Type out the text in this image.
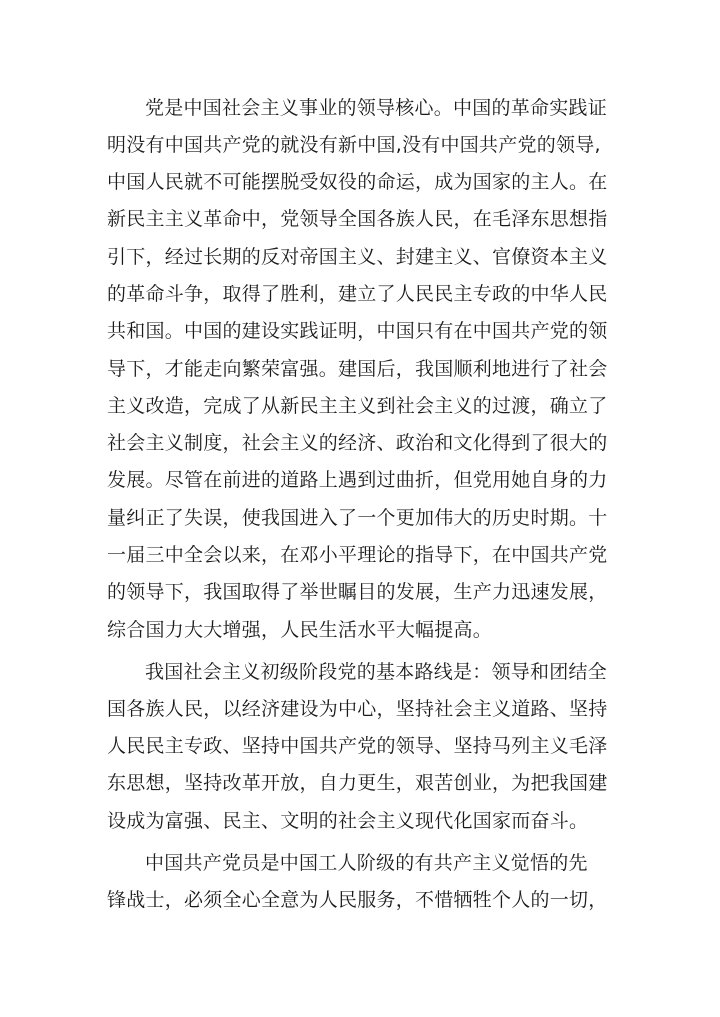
党是中国社会主义事业的领导核心。中国的革命实践证
明没有中国共产党的就没有新中国,没有中国共产党的领导,
中国人民就不可能摆脱受奴役的命运，成为国家的主人。在
新民主主义革命中，党领导全国各族人民，在毛泽东思想指
引下，经过长期的反对帝国主义、封建主义、官僚资本主义
的革命斗争，取得了胜利，建立了人民民主专政的中华人民
共和国。中国的建设实践证明，中国只有在中国共产党的领
导下，才能走向繁荣富强。建国后，我国顺利地进行了社会
主义改造，完成了从新民主主义到社会主义的过渡，确立了
社会主义制度，社会主义的经济、政治和文化得到了很大的
发展。尽管在前进的道路上遇到过曲折，但党用她自身的力
量纠正了失误，使我国进入了一个更加伟大的历史时期。十
一届三中全会以来，在邓小平理论的指导下，在中国共产党
的领导下，我国取得了举世瞩目的发展，生产力迅速发展，
综合国力大大增强，人民生活水平大幅提高。
我国社会主义初级阶段党的基本路线是：领导和团结全
国各族人民，以经济建设为中心，坚持社会主义道路、坚持
人民民主专政、坚持中国共产党的领导、坚持马列主义毛泽
东思想，坚持改革开放，自力更生，艰苦创业，为把我国建
设成为富强、民主、文明的社会主义现代化国家而奋斗。
中国共产党员是中国工人阶级的有共产主义觉悟的先
锋战士，必须全心全意为人民服务，不惜牺牲个人的一切，
